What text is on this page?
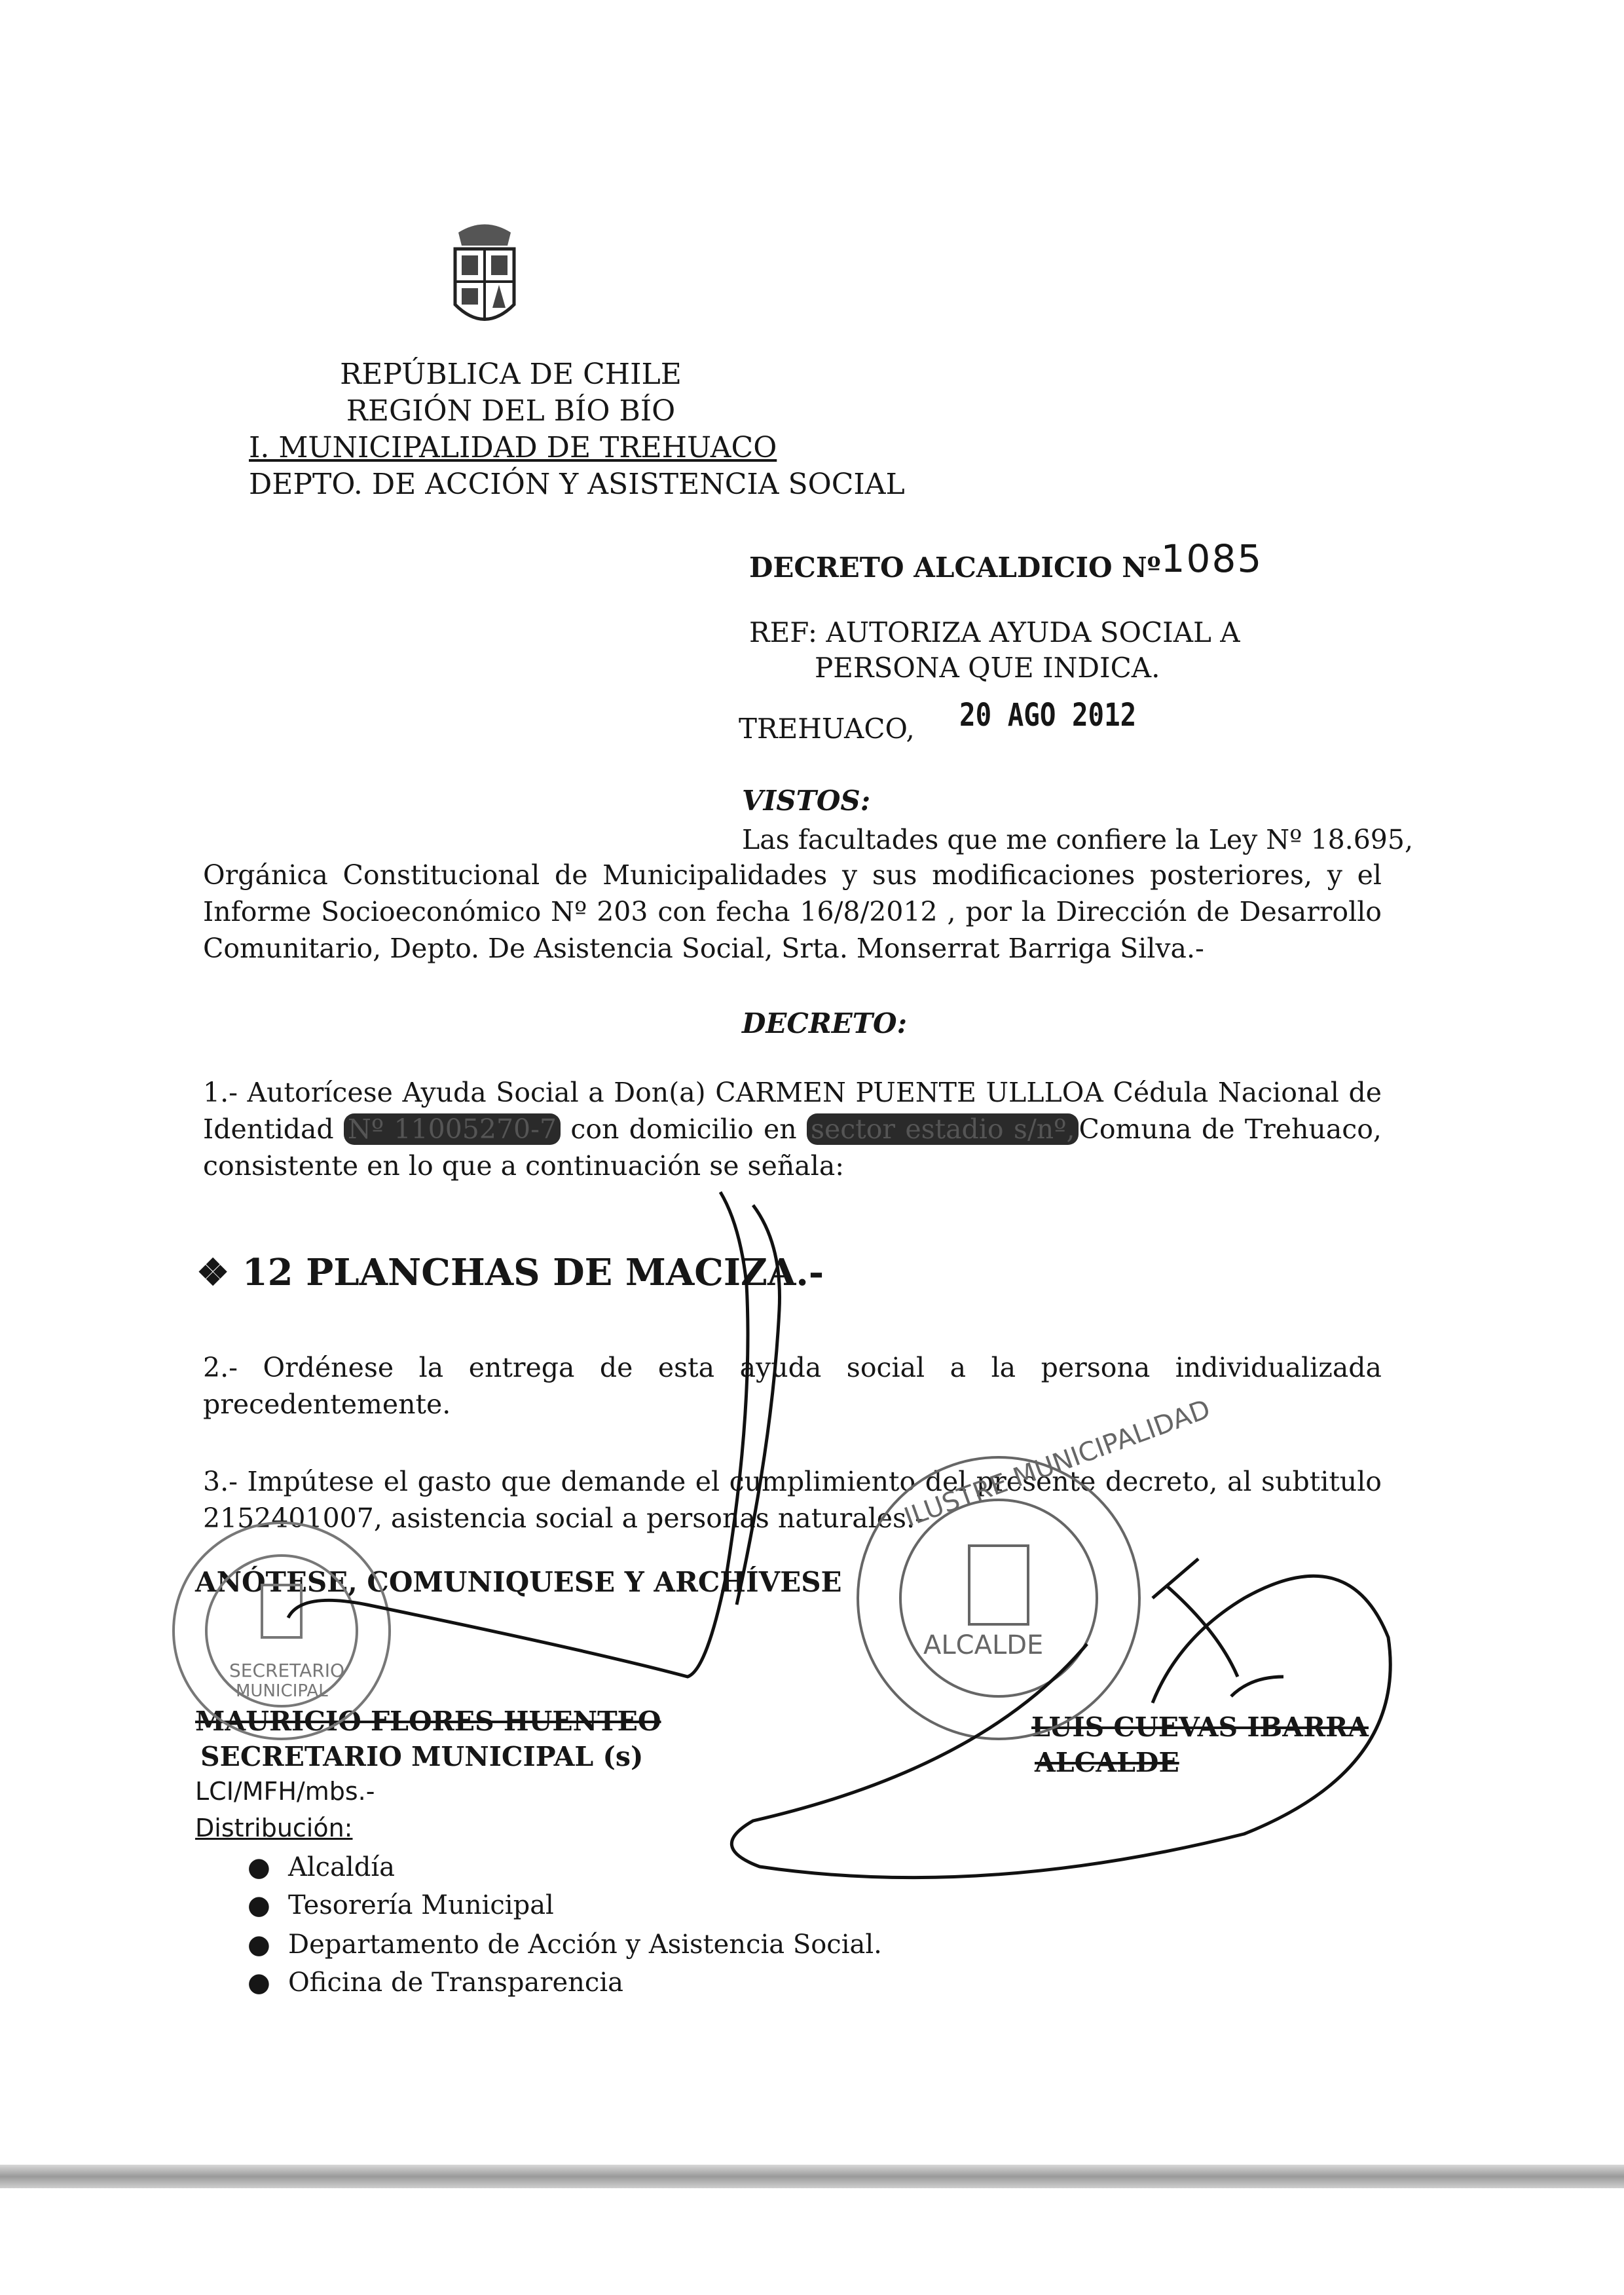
REPÚBLICA DE CHILE
REGIÓN DEL BÍO BÍO
I. MUNICIPALIDAD DE TREHUACO
DEPTO. DE ACCIÓN Y ASISTENCIA SOCIAL
DECRETO ALCALDICIO Nº1085
REF: AUTORIZA AYUDA SOCIAL A
PERSONA QUE INDICA.
TREHUACO, 20 AGO 2012
VISTOS:
Las facultades que me confiere la Ley Nº 18.695,
Orgánica Constitucional de Municipalidades y sus modificaciones posteriores, y el Informe Socioeconómico Nº 203 con fecha 16/8/2012 , por la Dirección de Desarrollo Comunitario, Depto. De Asistencia Social, Srta. Monserrat Barriga Silva.-
DECRETO:
1.- Autorícese Ayuda Social a Don(a) CARMEN PUENTE ULLLOA Cédula Nacional de Identidad Nº 11005270-7 con domicilio en sector estadio s/nº, Comuna de Trehuaco, consistente en lo que a continuación se señala:
❖ 12 PLANCHAS DE MACIZA.-
2.- Ordénese la entrega de esta ayuda social a la persona individualizada precedentemente.
3.- Impútese el gasto que demande el cumplimiento del presente decreto, al subtitulo 2152401007, asistencia social a personas naturales.-
ANÓTESE, COMUNIQUESE Y ARCHÍVESE
MAURICIO FLORES HUENTEO
SECRETARIO MUNICIPAL (s)
LUIS CUEVAS IBARRA
ALCALDE
LCI/MFH/mbs.-
Distribución:
● Alcaldía
● Tesorería Municipal
● Departamento de Acción y Asistencia Social.
● Oficina de Transparencia
SECRETARIO
MUNICIPAL
ALCALDE
ILUSTRE MUNICIPALIDAD
